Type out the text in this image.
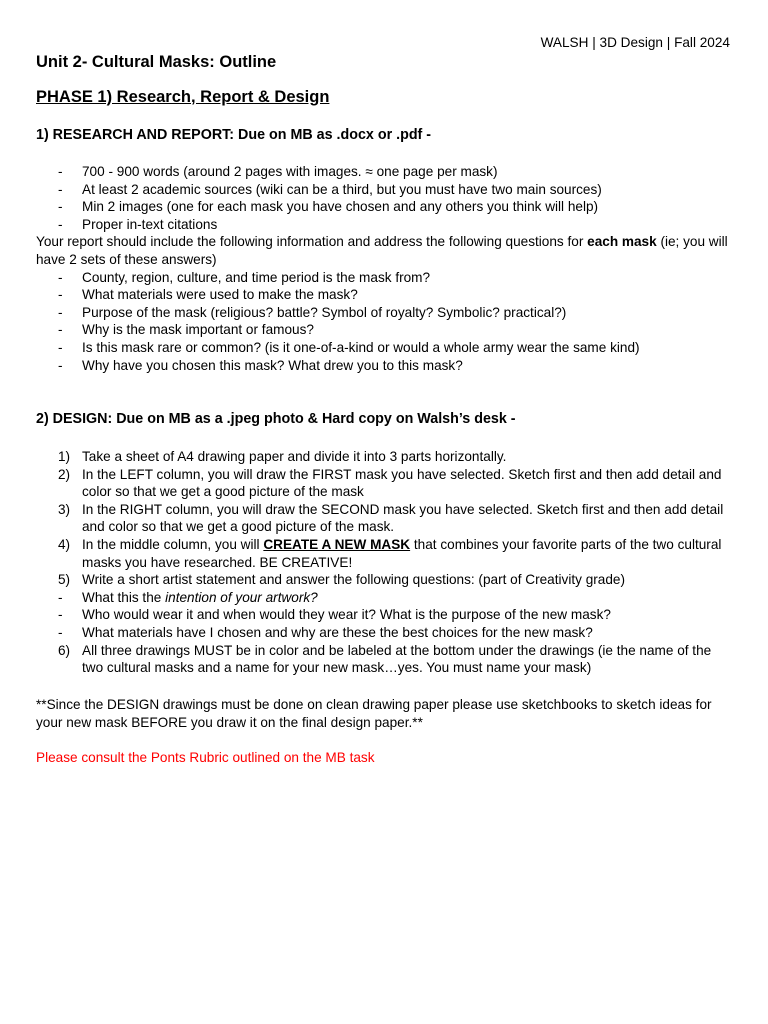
WALSH | 3D Design | Fall 2024
Unit 2- Cultural Masks: Outline
PHASE 1) Research, Report & Design
1) RESEARCH AND REPORT: Due on MB as .docx or .pdf -
- 700 - 900 words (around 2 pages with images. ≈ one page per mask)
- At least 2 academic sources (wiki can be a third, but you must have two main sources)
- Min 2 images (one for each mask you have chosen and any others you think will help)
- Proper in-text citations

Your report should include the following information and address the following questions for each mask (ie; you will have 2 sets of these answers)

- County, region, culture, and time period is the mask from?
- What materials were used to make the mask?
- Purpose of the mask (religious? battle? Symbol of royalty? Symbolic? practical?)
- Why is the mask important or famous?
- Is this mask rare or common? (is it one-of-a-kind or would a whole army wear the same kind)
- Why have you chosen this mask? What drew you to this mask?
2) DESIGN: Due on MB as a .jpeg photo & Hard copy on Walsh’s desk -
1) Take a sheet of A4 drawing paper and divide it into 3 parts horizontally.
2) In the LEFT column, you will draw the FIRST mask you have selected. Sketch first and then add detail and color so that we get a good picture of the mask
3) In the RIGHT column, you will draw the SECOND mask you have selected. Sketch first and then add detail and color so that we get a good picture of the mask.
4) In the middle column, you will CREATE A NEW MASK that combines your favorite parts of the two cultural masks you have researched. BE CREATIVE!
5) Write a short artist statement and answer the following questions: (part of Creativity grade)
- What this the intention of your artwork?
- Who would wear it and when would they wear it? What is the purpose of the new mask?
- What materials have I chosen and why are these the best choices for the new mask?
6) All three drawings MUST be in color and be labeled at the bottom under the drawings (ie the name of the two cultural masks and a name for your new mask…yes. You must name your mask)
**Since the DESIGN drawings must be done on clean drawing paper please use sketchbooks to sketch ideas for your new mask BEFORE you draw it on the final design paper.**
Please consult the Ponts Rubric outlined on the MB task
